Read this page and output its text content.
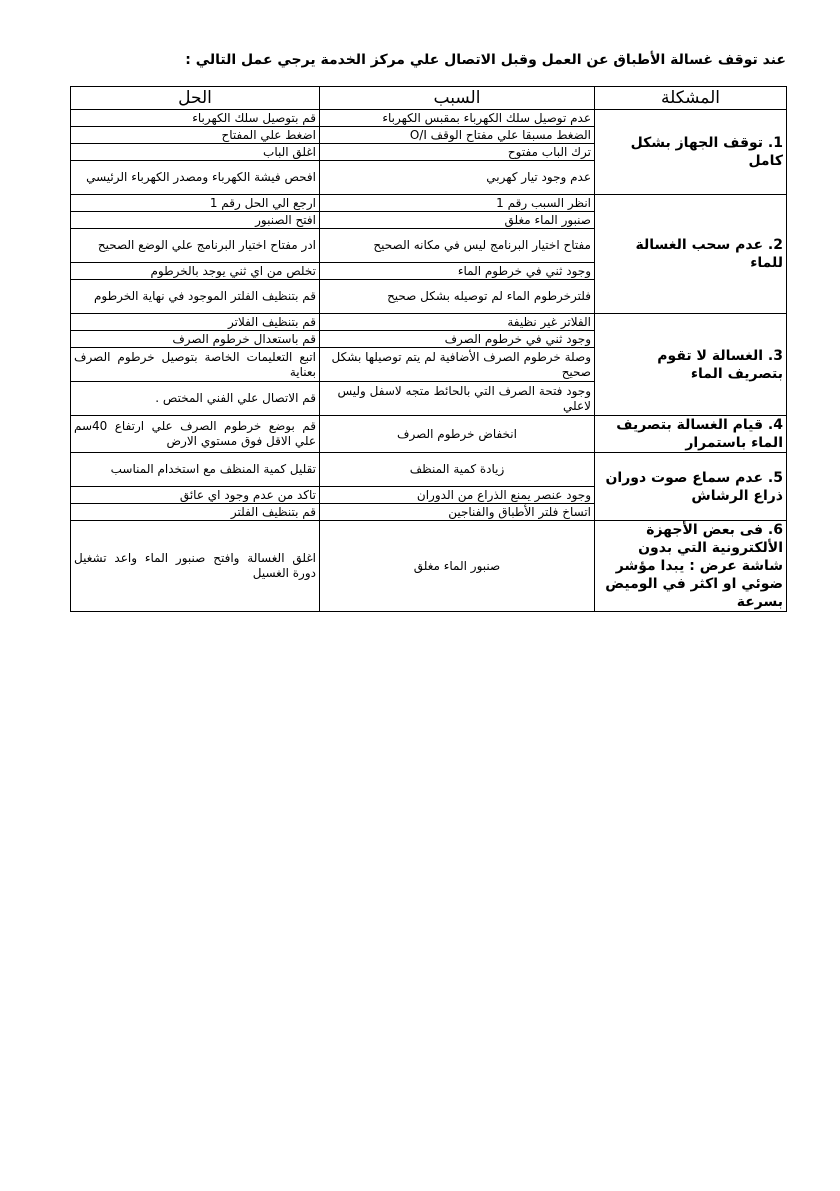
عند توقف غسالة الأطباق عن العمل وقبل الاتصال علي مركز الخدمة يرجي عمل التالي :
المشكلة	السبب	الحل
1. توقف الجهاز بشكل كامل	عدم توصيل سلك الكهرباء بمقبس الكهرباء	قم بتوصيل سلك الكهرباء
	الضغط مسبقا علي مفتاح الوقف O/I	اضغط علي المفتاح
	ترك الباب مفتوح	اغلق الباب
	عدم وجود تيار كهربي	افحص فيشة الكهرباء ومصدر الكهرباء الرئيسي
2. عدم سحب الغسالة للماء	انظر السبب رقم 1	ارجع الي الحل رقم 1
	صنبور الماء مغلق	افتح الصنبور
	مفتاح اختيار البرنامج ليس في مكانه الصحيح	ادر مفتاح اختيار البرنامج علي الوضع الصحيح
	وجود ثني في خرطوم الماء	تخلص من اي ثني يوجد بالخرطوم
	فلترخرطوم الماء لم توصيله بشكل صحيح	قم بتنظيف الفلتر الموجود في نهاية الخرطوم
3. الغسالة لا تقوم بتصريف الماء	الفلاتر غير نظيفة	قم بتنظيف الفلاتر
	وجود ثني في خرطوم الصرف	قم باستعدال خرطوم الصرف
	وصلة خرطوم الصرف الأضافية لم يتم توصيلها بشكل صحيح	اتبع التعليمات الخاصة بتوصيل خرطوم الصرف بعناية
	وجود فتحة الصرف التي بالحائط متجه لاسفل وليس لاعلي	قم الاتصال علي الفني المختص .
4. قيام الغسالة بتصريف الماء باستمرار	انخفاض خرطوم الصرف	قم بوضع خرطوم الصرف علي ارتفاع 40سم علي الاقل فوق مستوي الارض
5. عدم سماع صوت دوران ذراع الرشاش	زيادة كمية المنظف	تقليل كمية المنظف مع استخدام المناسب
	وجود عنصر يمنع الذراع من الدوران	تاكد من عدم وجود اي عائق
	اتساخ فلتر الأطباق والفناجين	قم بتنظيف الفلتر
6. فى بعض الأجهزة الألكترونية التي بدون شاشة عرض : يبدا مؤشر ضوئي او اكثر في الوميض بسرعة	صنبور الماء مغلق	اغلق الغسالة وافتح صنبور الماء واعد تشغيل دورة الغسيل
